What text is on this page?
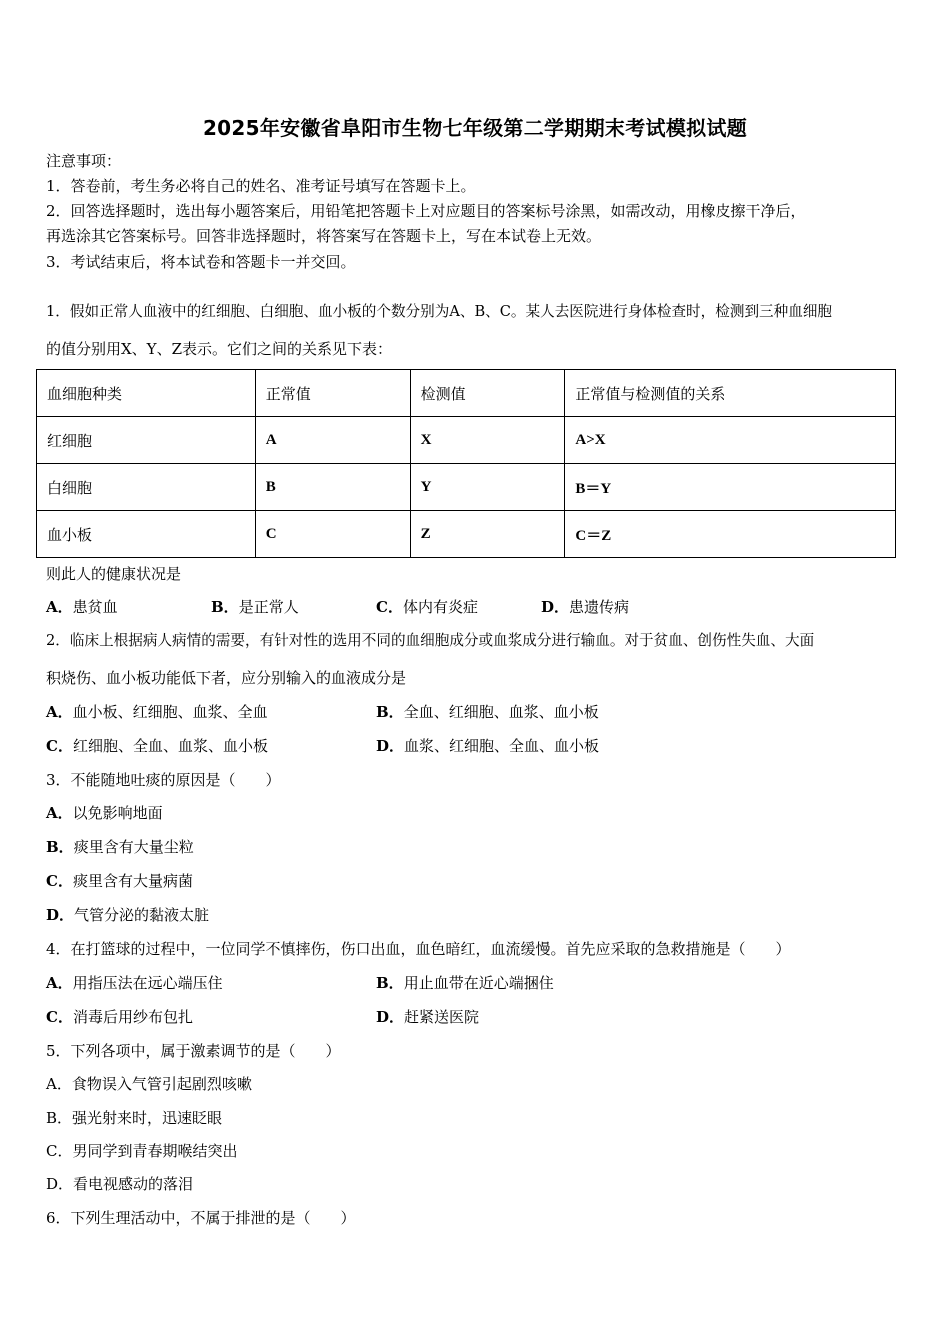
2025年安徽省阜阳市生物七年级第二学期期末考试模拟试题
注意事项：
1．答卷前，考生务必将自己的姓名、准考证号填写在答题卡上。
2．回答选择题时，选出每小题答案后，用铅笔把答题卡上对应题目的答案标号涂黑，如需改动，用橡皮擦干净后，
再选涂其它答案标号。回答非选择题时，将答案写在答题卡上，写在本试卷上无效。
3．考试结束后，将本试卷和答题卡一并交回。
1．假如正常人血液中的红细胞、白细胞、血小板的个数分别为A、B、C。某人去医院进行身体检查时，检测到三种血细胞
的值分别用X、Y、Z表示。它们之间的关系见下表：
血细胞种类	正常值	检测值	正常值与检测值的关系
红细胞	A	X	A>X
白细胞	B	Y	B＝Y
血小板	C	Z	C＝Z
则此人的健康状况是
A．患贫血	B．是正常人	C．体内有炎症	D．患遗传病
2．临床上根据病人病情的需要，有针对性的选用不同的血细胞成分或血浆成分进行输血。对于贫血、创伤性失血、大面
积烧伤、血小板功能低下者，应分别输入的血液成分是
A．血小板、红细胞、血浆、全血	B．全血、红细胞、血浆、血小板
C．红细胞、全血、血浆、血小板	D．血浆、红细胞、全血、血小板
3．不能随地吐痰的原因是（　　）
A．以免影响地面
B．痰里含有大量尘粒
C．痰里含有大量病菌
D．气管分泌的黏液太脏
4．在打篮球的过程中，一位同学不慎摔伤，伤口出血，血色暗红，血流缓慢。首先应采取的急救措施是（　　）
A．用指压法在远心端压住	B．用止血带在近心端捆住
C．消毒后用纱布包扎	D．赶紧送医院
5．下列各项中，属于激素调节的是（　　）
A．食物误入气管引起剧烈咳嗽
B．强光射来时，迅速眨眼
C．男同学到青春期喉结突出
D．看电视感动的落泪
6．下列生理活动中，不属于排泄的是（　　）
